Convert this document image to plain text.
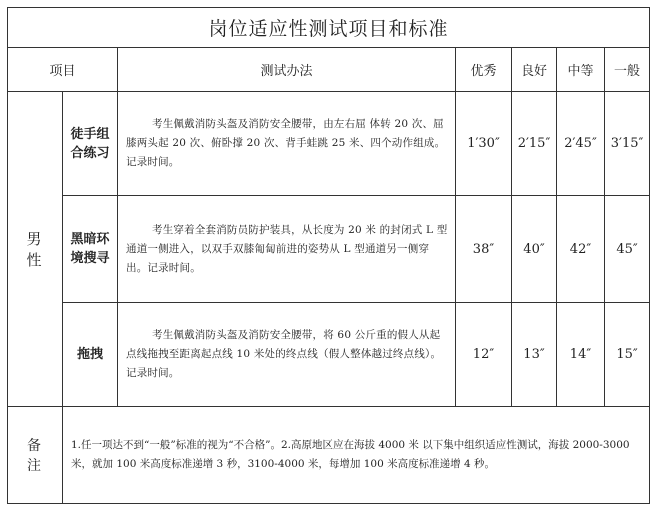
岗位适应性测试项目和标准						
项目		测试办法	优秀	良好	中等	一般
男 性	徒手组合练习	考生佩戴消防头盔及消防安全腰带，由左右屈 体转 20 次、屈膝两头起 20 次、俯卧撑 20 次、背手蛙跳 25 米、四个动作组成。记录时间。	1′30″	2′15″	2′45″	3′15″
	黑暗环境搜寻	考生穿着全套消防员防护装具，从长度为 20 米 的封闭式 L 型通道一侧进入，以双手双膝匍匐前进的姿势从 L 型通道另一侧穿出。记录时间。	38″	40″	42″	45″
	拖拽	考生佩戴消防头盔及消防安全腰带，将 60 公斤重的假人从起点线拖拽至距离起点线 10 米处的终点线（假人整体越过终点线）。记录时间。	12″	13″	14″	15″
备 注	1.任一项达不到“一般”标准的视为“不合格”。2.高原地区应在海拔 4000 米 以下集中组织适应性测试，海拔 2000-3000 米，就加 100 米高度标准递增 3 秒，3100-4000 米，每增加 100 米高度标准递增 4 秒。					
